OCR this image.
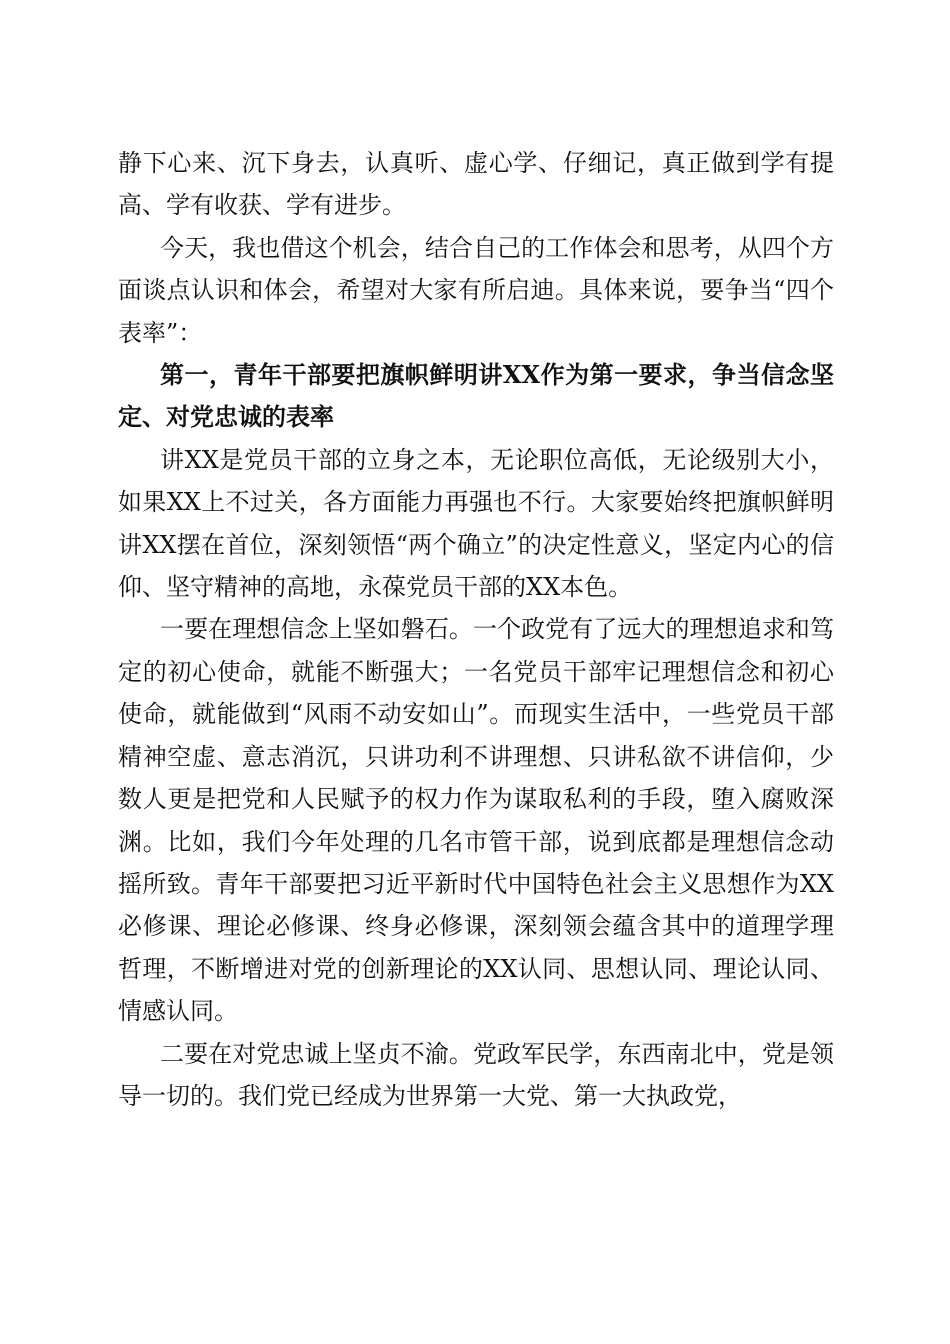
静下心来、沉下身去，认真听、虚心学、仔细记，真正做到学有提高、学有收获、学有进步。

今天，我也借这个机会，结合自己的工作体会和思考，从四个方面谈点认识和体会，希望对大家有所启迪。具体来说，要争当“四个表率”：

第一，青年干部要把旗帜鲜明讲XX作为第一要求，争当信念坚定、对党忠诚的表率

讲XX是党员干部的立身之本，无论职位高低，无论级别大小，如果XX上不过关，各方面能力再强也不行。大家要始终把旗帜鲜明讲XX摆在首位，深刻领悟“两个确立”的决定性意义，坚定内心的信仰、坚守精神的高地，永葆党员干部的XX本色。

一要在理想信念上坚如磐石。一个政党有了远大的理想追求和笃定的初心使命，就能不断强大；一名党员干部牢记理想信念和初心使命，就能做到“风雨不动安如山”。而现实生活中，一些党员干部精神空虚、意志消沉，只讲功利不讲理想、只讲私欲不讲信仰，少数人更是把党和人民赋予的权力作为谋取私利的手段，堕入腐败深渊。比如，我们今年处理的几名市管干部，说到底都是理想信念动摇所致。青年干部要把习近平新时代中国特色社会主义思想作为XX必修课、理论必修课、终身必修课，深刻领会蕴含其中的道理学理哲理，不断增进对党的创新理论的XX认同、思想认同、理论认同、情感认同。

二要在对党忠诚上坚贞不渝。党政军民学，东西南北中，党是领导一切的。我们党已经成为世界第一大党、第一大执政党，
